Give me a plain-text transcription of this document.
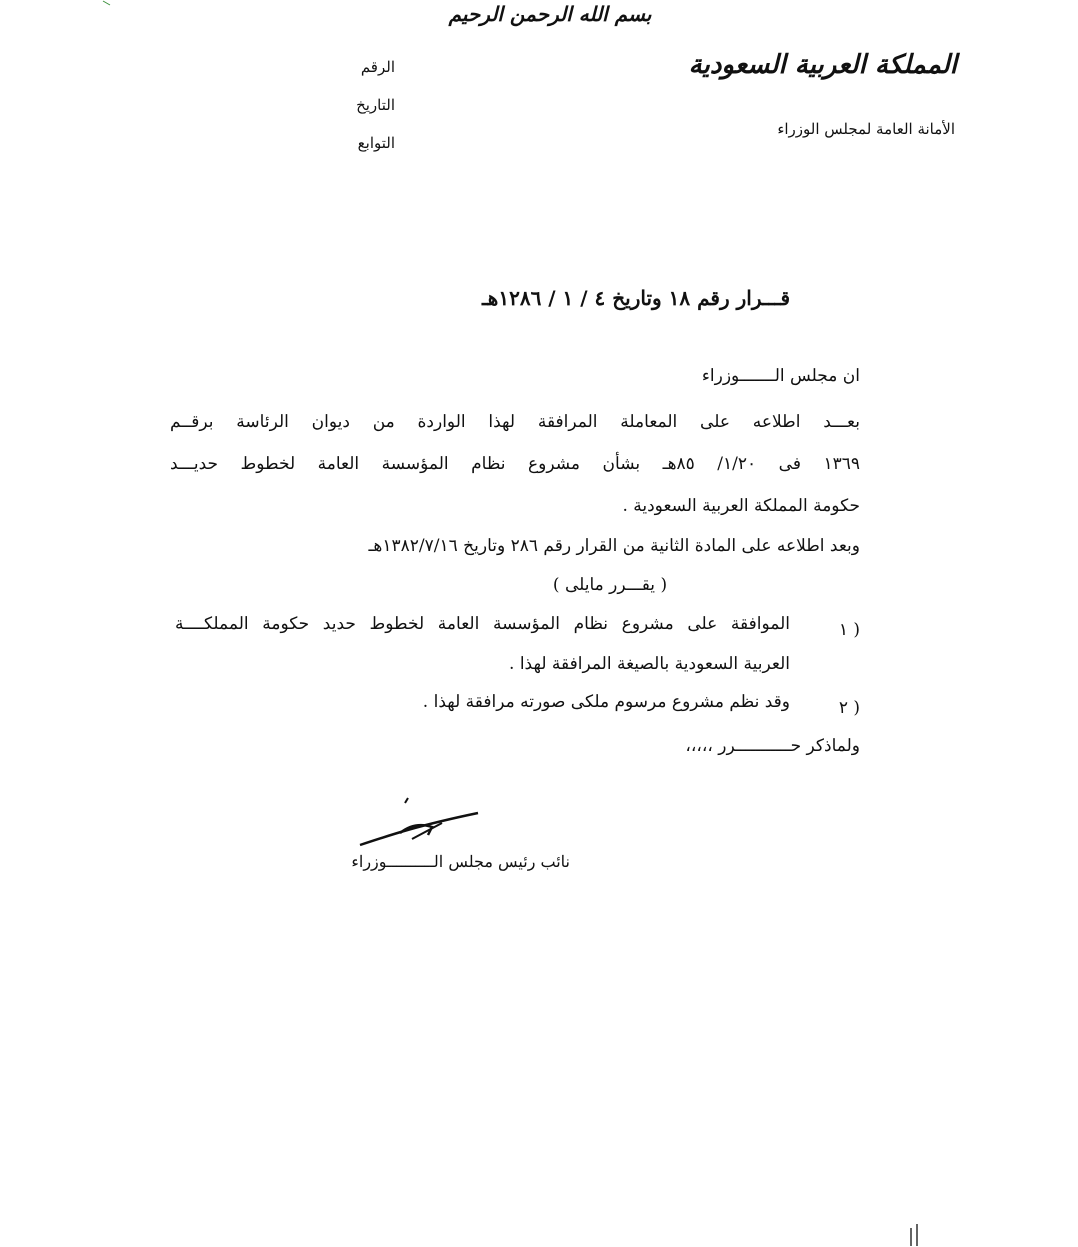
بسم الله الرحمن الرحيم
الرقم
التاريخ
التوابع
المملكة العربية السعودية
الأمانة العامة لمجلس الوزراء
قـــرار رقم ١٨ وتاريخ ٤ / ١ / ١٢٨٦هـ
ان مجلس الـــــــوزراء
بعـــد اطلاعه على المعاملة المرافقة لهذا الواردة من ديوان الرئاسة برقــم
١٣٦٩ فى ١/٢٠/ ٨٥هـ بشأن مشروع نظام المؤسسة العامة لخطوط حديـــد
حكومة المملكة العربية السعودية .
وبعد اطلاعه على المادة الثانية من القرار رقم ٢٨٦ وتاريخ ١٣٨٢/٧/١٦هـ
( يقـــرر مايلى )
١ )
الموافقة على مشروع نظام المؤسسة العامة لخطوط حديد حكومة المملكــــة
العربية السعودية بالصيغة المرافقة لهذا .
٢ )
وقد نظم مشروع مرسوم ملكى صورته مرافقة لهذا .
ولماذكر حـــــــــــرر ،،،،،
نائب رئيس مجلس الــــــــــوزراء
